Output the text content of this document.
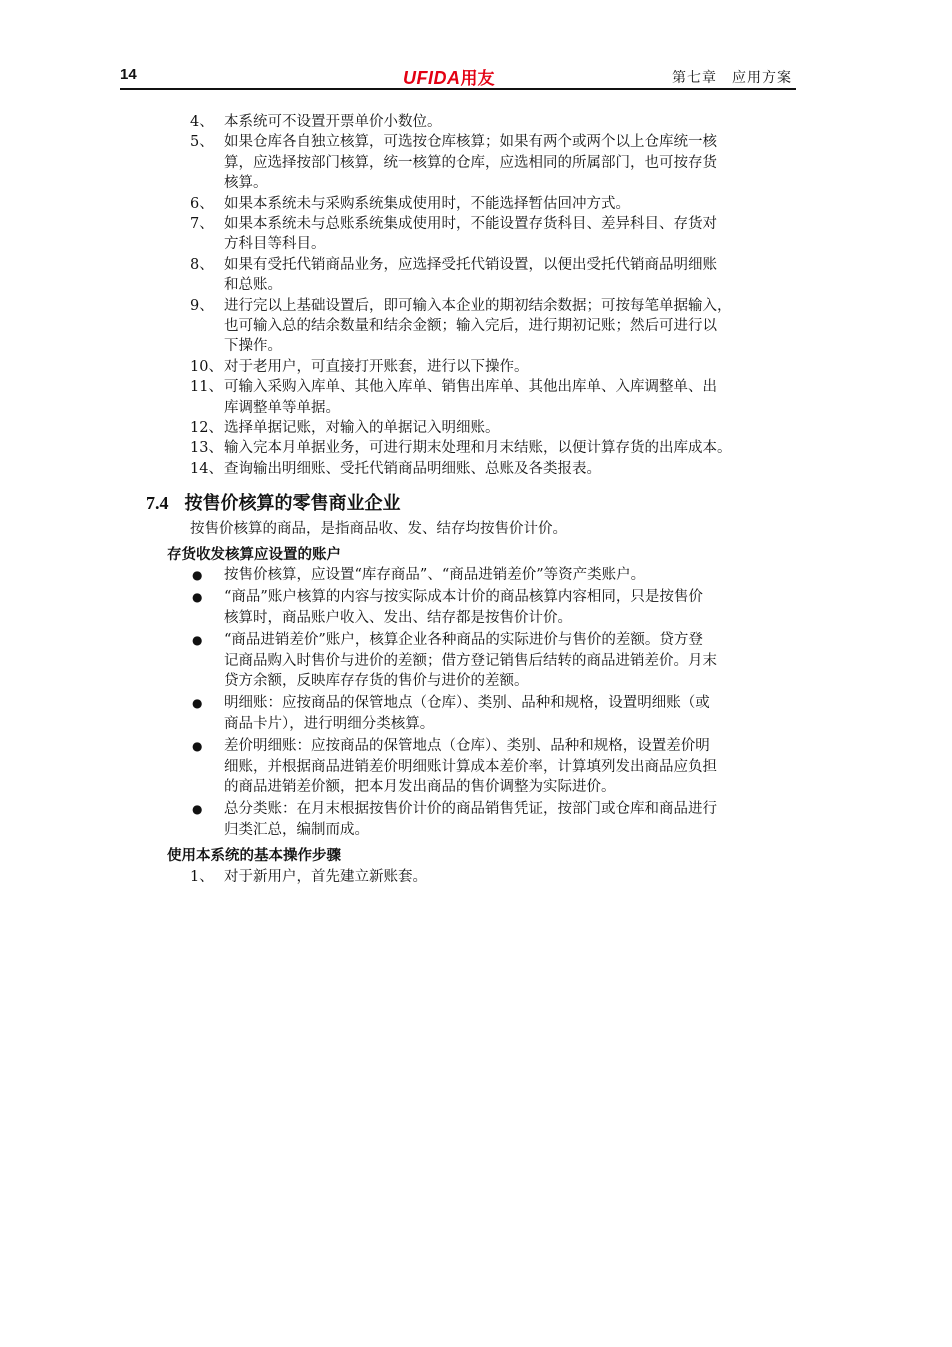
14	UFIDA用友	第七章　应用方案
4、 本系统可不设置开票单价小数位。
5、 如果仓库各自独立核算，可选按仓库核算；如果有两个或两个以上仓库统一核
算，应选择按部门核算，统一核算的仓库，应选相同的所属部门，也可按存货
核算。
6、 如果本系统未与采购系统集成使用时，不能选择暂估回冲方式。
7、 如果本系统未与总账系统集成使用时，不能设置存货科目、差异科目、存货对
方科目等科目。
8、 如果有受托代销商品业务，应选择受托代销设置，以便出受托代销商品明细账
和总账。
9、 进行完以上基础设置后，即可输入本企业的期初结余数据；可按每笔单据输入，
也可输入总的结余数量和结余金额；输入完后，进行期初记账；然后可进行以
下操作。
10、 对于老用户，可直接打开账套，进行以下操作。
11、 可输入采购入库单、其他入库单、销售出库单、其他出库单、入库调整单、出
库调整单等单据。
12、 选择单据记账，对输入的单据记入明细账。
13、 输入完本月单据业务，可进行期末处理和月末结账，以便计算存货的出库成本。
14、 查询输出明细账、受托代销商品明细账、总账及各类报表。
7.4 按售价核算的零售商业企业
按售价核算的商品，是指商品收、发、结存均按售价计价。
存货收发核算应设置的账户
● 按售价核算，应设置“库存商品”、“商品进销差价”等资产类账户。
● “商品”账户核算的内容与按实际成本计价的商品核算内容相同，只是按售价
核算时，商品账户收入、发出、结存都是按售价计价。
● “商品进销差价”账户，核算企业各种商品的实际进价与售价的差额。贷方登
记商品购入时售价与进价的差额；借方登记销售后结转的商品进销差价。月末
贷方余额，反映库存存货的售价与进价的差额。
● 明细账：应按商品的保管地点（仓库）、类别、品种和规格，设置明细账（或
商品卡片），进行明细分类核算。
● 差价明细账：应按商品的保管地点（仓库）、类别、品种和规格，设置差价明
细账，并根据商品进销差价明细账计算成本差价率，计算填列发出商品应负担
的商品进销差价额，把本月发出商品的售价调整为实际进价。
● 总分类账：在月末根据按售价计价的商品销售凭证，按部门或仓库和商品进行
归类汇总，编制而成。
使用本系统的基本操作步骤
1、 对于新用户，首先建立新账套。
